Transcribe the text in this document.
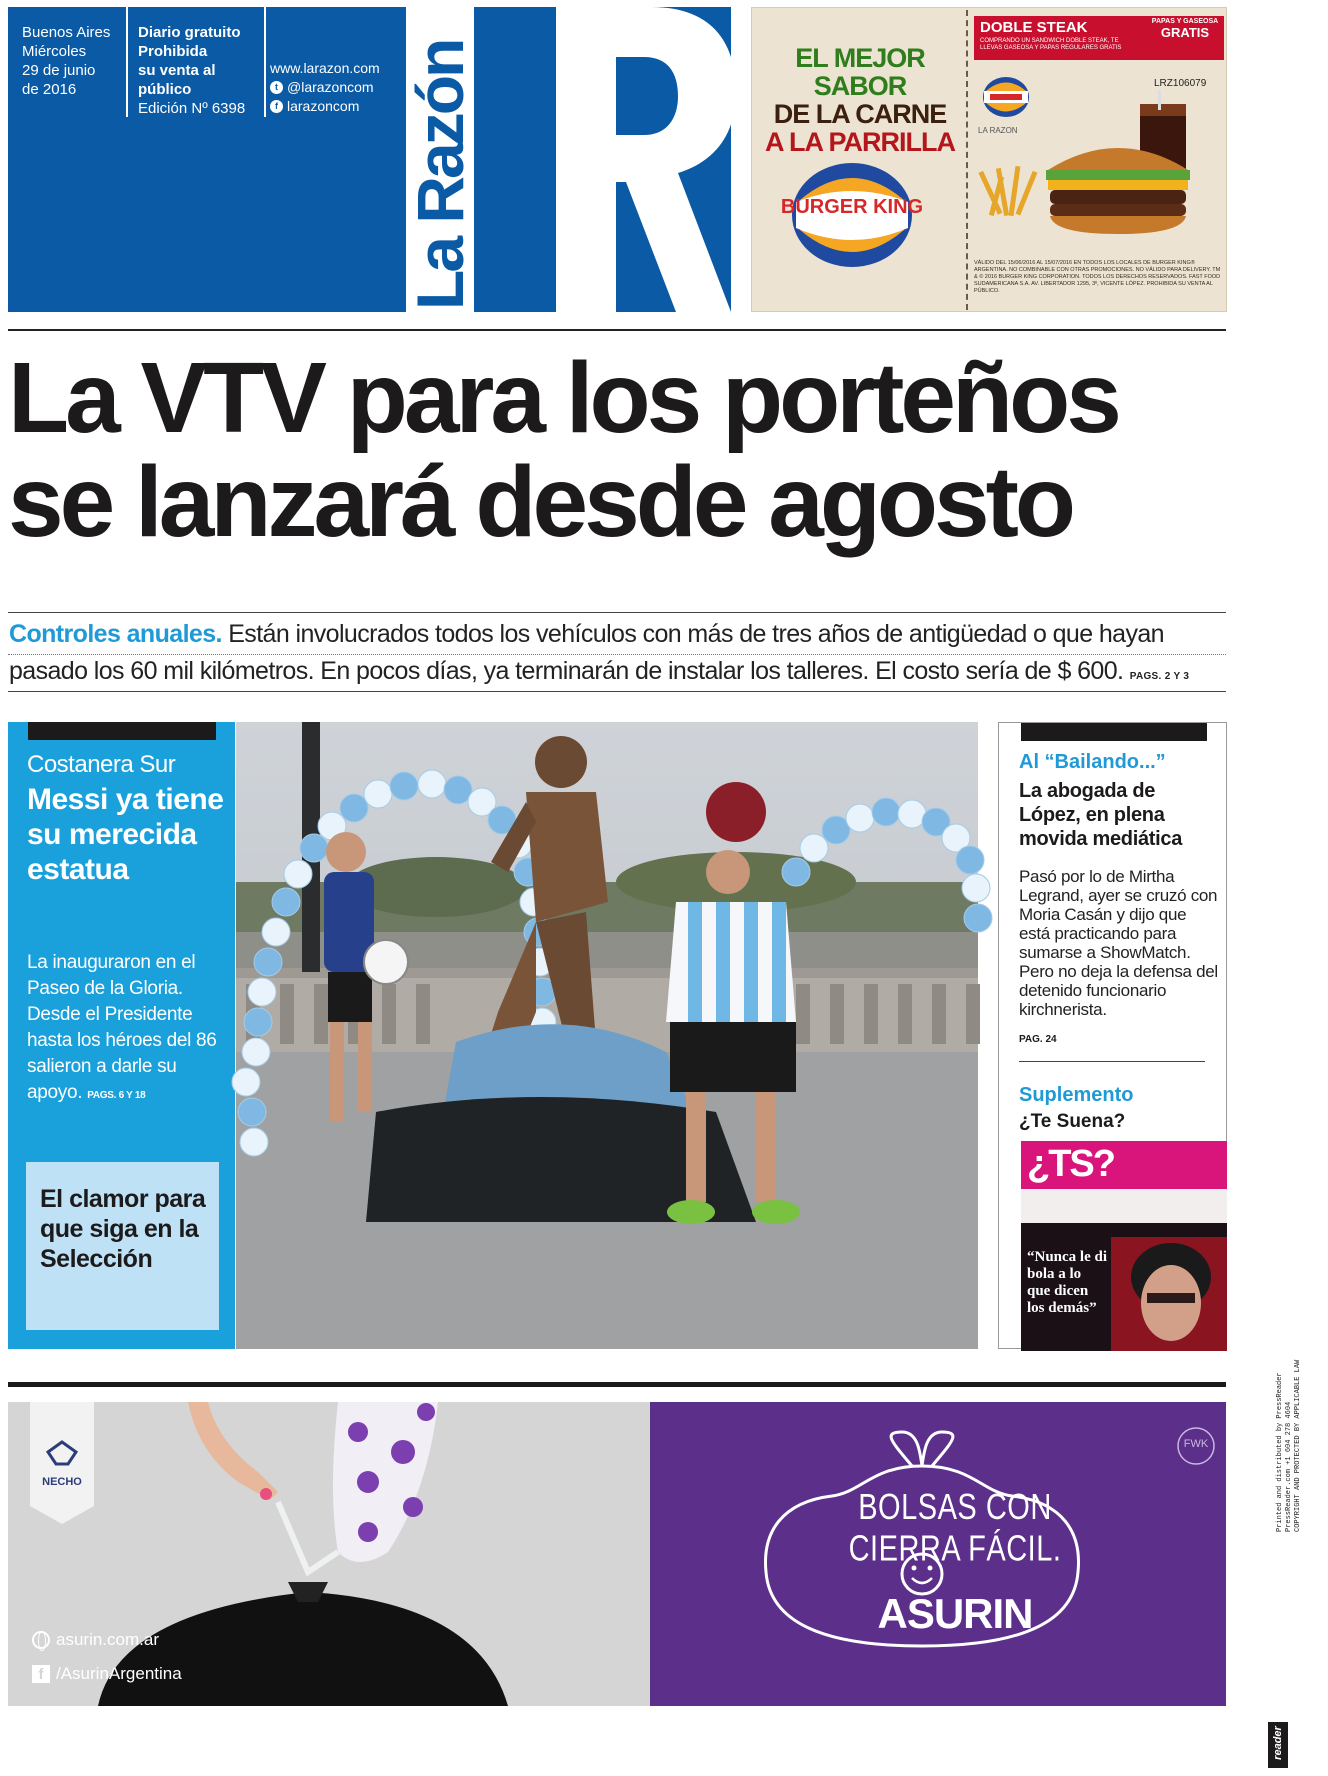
Buenos Aires
Miércoles
29 de junio
de 2016
Diario gratuito
Prohibida
su venta al
público
Edición Nº 6398
www.larazon.com
t @larazoncom
f larazoncom La Razón	EL MEJOR SABOR
DE LA CARNE
A LA PARRILLA
BURGER KING
DOBLE STEAK
COMPRANDO UN SANDWICH DOBLE STEAK, TE LLEVAS GASEOSA Y PAPAS REGULARES GRATIS
PAPAS Y GASEOSA
GRATIS
LRZ106079
LA RAZON
VÁLIDO DEL 15/06/2016 AL 15/07/2016 EN TODOS LOS LOCALES DE BURGER KING® ARGENTINA. NO COMBINABLE CON OTRAS PROMOCIONES. NO VÁLIDO PARA DELIVERY. TM & © 2016 BURGER KING CORPORATION. TODOS LOS DERECHOS RESERVADOS. FAST FOOD SUDAMERICANA S.A. AV. LIBERTADOR 1295, 3º, VICENTE LÓPEZ. PROHIBIDA SU VENTA AL PÚBLICO.
La VTV para los porteños
se lanzará desde agosto
Controles anuales. Están involucrados todos los vehículos con más de tres años de antigüedad o que hayan
pasado los 60 mil kilómetros. En pocos días, ya terminarán de instalar los talleres. El costo sería de $ 600. PAGS. 2 Y 3
Costanera Sur
Messi ya tiene su merecida estatua
La inauguraron en el Paseo de la Gloria. Desde el Presidente hasta los héroes del 86 salieron a darle su apoyo. PAGS. 6 Y 18
El clamor para que siga en la Selección
Al “Bailando...”
La abogada de López, en plena movida mediática
Pasó por lo de Mirtha Legrand, ayer se cruzó con Moria Casán y dijo que está practicando para sumarse a ShowMatch. Pero no deja la defensa del detenido funcionario kirchnerista.
PAG. 24
Suplemento
¿Te Suena?
¿TS?
“Nunca le di bola a lo que dicen los demás”
NECHO
asurin.com.ar
f /AsurinArgentina
BOLSAS CON CIERRA FÁCIL.
ASURIN
FWK	Printed and distributed by PressReader PressReader.com +1 604 278 4604 COPYRIGHT AND PROTECTED BY APPLICABLE LAW
reader
